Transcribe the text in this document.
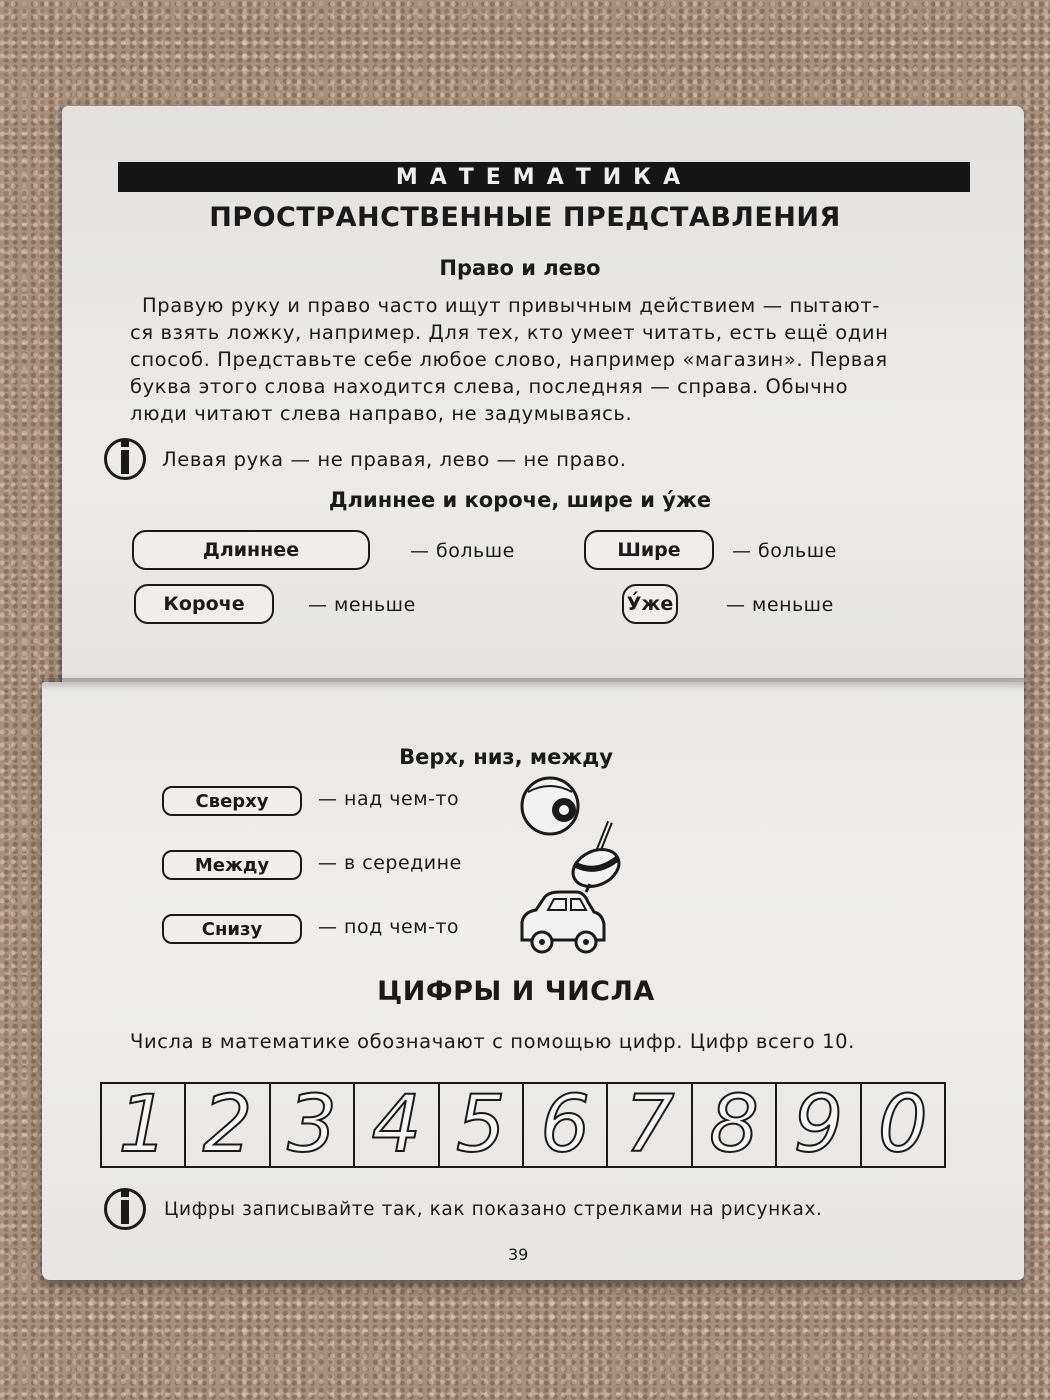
МАТЕМАТИКА
ПРОСТРАНСТВЕННЫЕ ПРЕДСТАВЛЕНИЯ
Право и лево
Правую руку и право часто ищут привычным действием — пытают-
ся взять ложку, например. Для тех, кто умеет читать, есть ещё один
способ. Представьте себе любое слово, например «магазин». Первая
буква этого слова находится слева, последняя — справа. Обычно
люди читают слева направо, не задумываясь.
Левая рука — не правая, лево — не право.
Длиннее и короче, шире и у́же
Длиннее	— больше	Шире	— больше
Короче	— меньше	У́же	— меньше
Верх, низ, между
Сверху	— над чем-то
Между	— в середине
Снизу	— под чем-то
ЦИФРЫ И ЧИСЛА
Числа в математике обозначают с помощью цифр. Цифр всего 10.
1 2 3 4 5 6 7 8 9 0
Цифры записывайте так, как показано стрелками на рисунках.
39
